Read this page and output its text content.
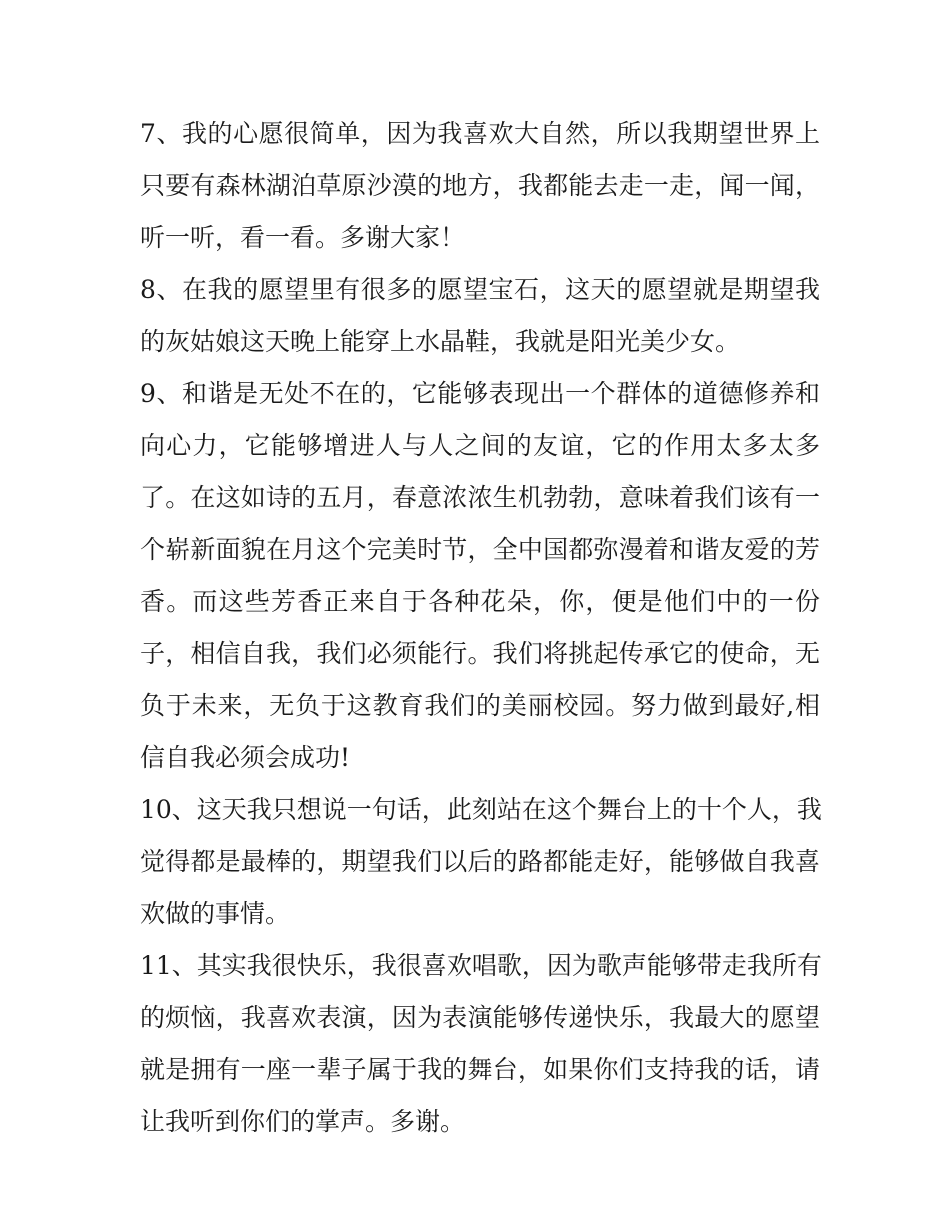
7、我的心愿很简单，因为我喜欢大自然，所以我期望世界上
只要有森林湖泊草原沙漠的地方，我都能去走一走，闻一闻，
听一听，看一看。多谢大家！
8、在我的愿望里有很多的愿望宝石，这天的愿望就是期望我
的灰姑娘这天晚上能穿上水晶鞋，我就是阳光美少女。
9、和谐是无处不在的，它能够表现出一个群体的道德修养和
向心力，它能够增进人与人之间的友谊，它的作用太多太多
了。在这如诗的五月，春意浓浓生机勃勃，意味着我们该有一
个崭新面貌在月这个完美时节，全中国都弥漫着和谐友爱的芳
香。而这些芳香正来自于各种花朵，你，便是他们中的一份
子，相信自我，我们必须能行。我们将挑起传承它的使命，无
负于未来，无负于这教育我们的美丽校园。努力做到最好,相
信自我必须会成功!
10、这天我只想说一句话，此刻站在这个舞台上的十个人，我
觉得都是最棒的，期望我们以后的路都能走好，能够做自我喜
欢做的事情。
11、其实我很快乐，我很喜欢唱歌，因为歌声能够带走我所有
的烦恼，我喜欢表演，因为表演能够传递快乐，我最大的愿望
就是拥有一座一辈子属于我的舞台，如果你们支持我的话，请
让我听到你们的掌声。多谢。
